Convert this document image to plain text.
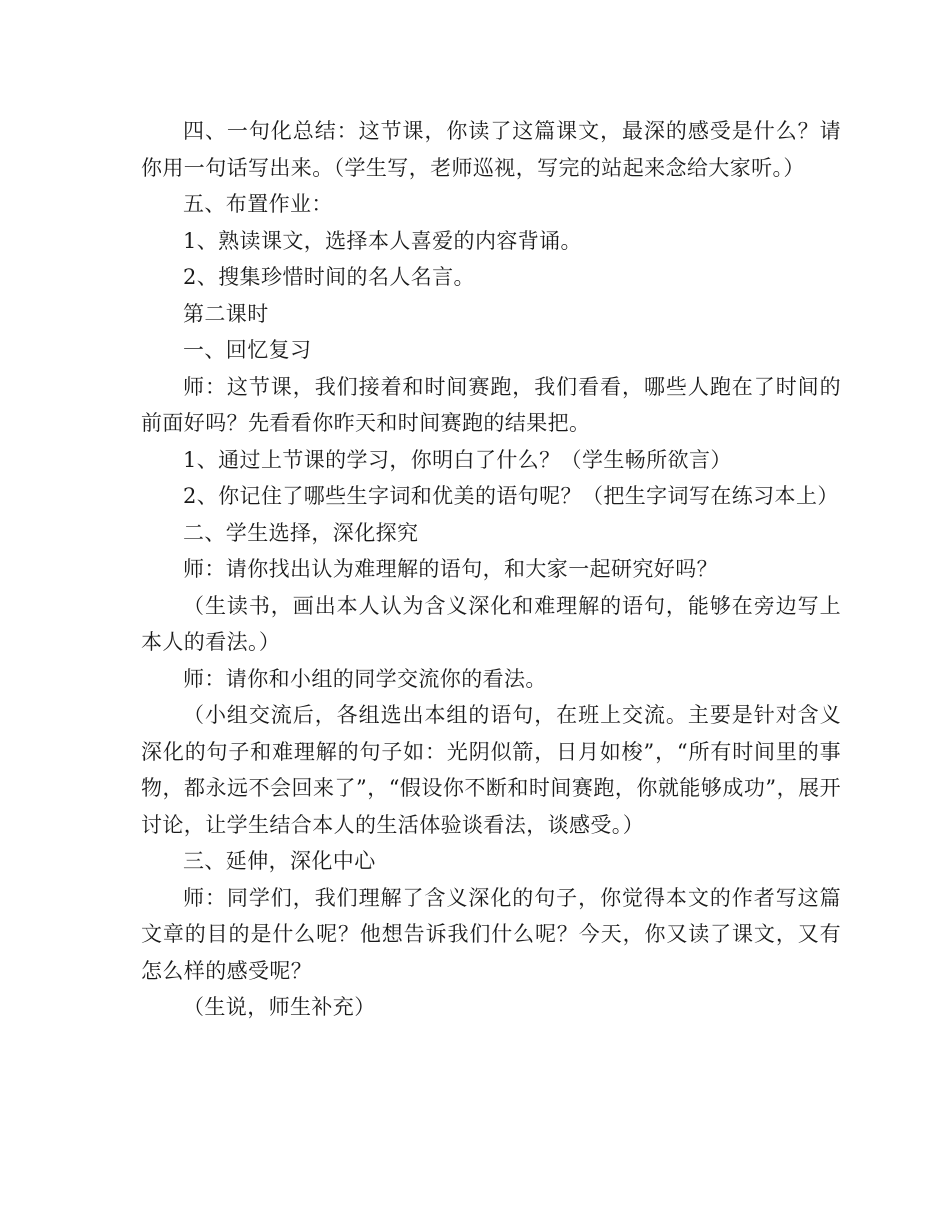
四、一句化总结：这节课，你读了这篇课文，最深的感受是什么？请你用一句话写出来。（学生写，老师巡视，写完的站起来念给大家听。）

五、布置作业：

1、熟读课文，选择本人喜爱的内容背诵。

2、搜集珍惜时间的名人名言。

第二课时

一、回忆复习

师：这节课，我们接着和时间赛跑，我们看看，哪些人跑在了时间的前面好吗？先看看你昨天和时间赛跑的结果把。

1、通过上节课的学习，你明白了什么？（学生畅所欲言）

2、你记住了哪些生字词和优美的语句呢？（把生字词写在练习本上）

二、学生选择，深化探究

师：请你找出认为难理解的语句，和大家一起研究好吗？

（生读书，画出本人认为含义深化和难理解的语句，能够在旁边写上本人的看法。）

师：请你和小组的同学交流你的看法。

（小组交流后，各组选出本组的语句，在班上交流。主要是针对含义深化的句子和难理解的句子如：光阴似箭，日月如梭”，“所有时间里的事物，都永远不会回来了”，“假设你不断和时间赛跑，你就能够成功”，展开讨论，让学生结合本人的生活体验谈看法，谈感受。）

三、延伸，深化中心

师：同学们，我们理解了含义深化的句子，你觉得本文的作者写这篇文章的目的是什么呢？他想告诉我们什么呢？今天，你又读了课文，又有怎么样的感受呢？

（生说，师生补充）
